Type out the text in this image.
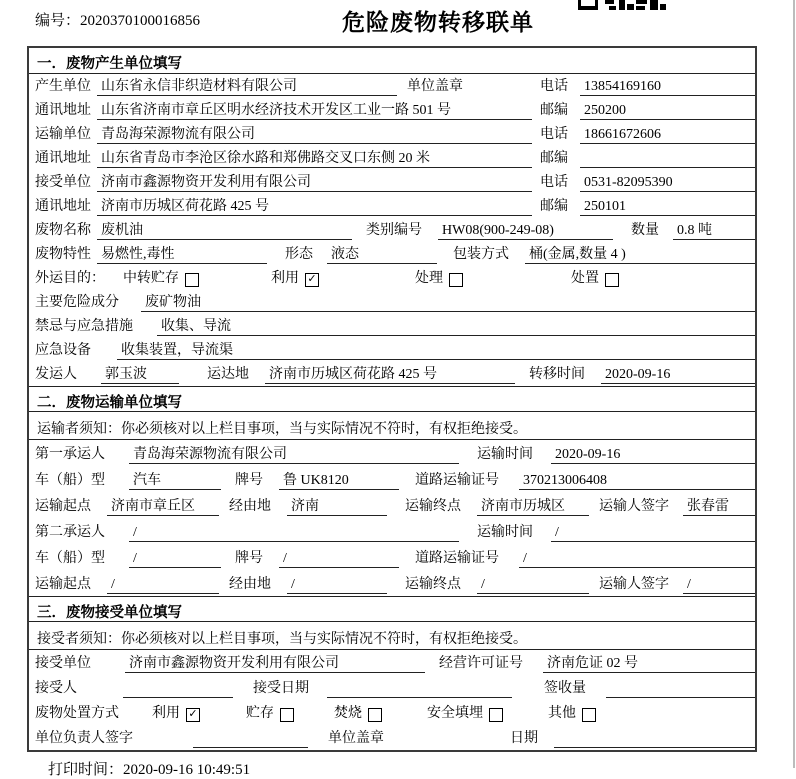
编号：2020370100016856	危险废物转移联单
一．废物产生单位填写
产生单位 山东省永信非织造材料有限公司	单位盖章	电话 13854169160
通讯地址 山东省济南市章丘区明水经济技术开发区工业一路 501 号	邮编 250200
运输单位 青岛海荣源物流有限公司	电话 18661672606
通讯地址 山东省青岛市李沧区徐水路和郑佛路交叉口东侧 20 米	邮编
接受单位 济南市鑫源物资开发利用有限公司	电话 0531-82095390
通讯地址 济南市历城区荷花路 425 号	邮编 250101
废物名称 废机油	类别编号	HW08(900-249-08)	数量 0.8 吨
废物特性 易燃性,毒性	形态 液态	包装方式	桶(金属,数量 4 )
外运目的：	中转贮存	利用 ✓	处理	处置
主要危险成分	废矿物油
禁忌与应急措施	收集、导流
应急设备	收集装置，导流渠
发运人	郭玉波	运达地	济南市历城区荷花路 425 号	转移时间	2020-09-16
二．废物运输单位填写
运输者须知：你必须核对以上栏目事项，当与实际情况不符时，有权拒绝接受。
第一承运人	青岛海荣源物流有限公司	运输时间	2020-09-16
车（船）型	汽车	牌号 鲁 UK8120	道路运输证号	370213006408
运输起点	济南市章丘区	经由地	济南	运输终点	济南市历城区	运输人签字	张春雷
第二承运人	/	运输时间	/
车（船）型	/	牌号 /	道路运输证号	/
运输起点	/	经由地	/	运输终点	/	运输人签字	/
三．废物接受单位填写
接受者须知：你必须核对以上栏目事项，当与实际情况不符时，有权拒绝接受。
接受单位	济南市鑫源物资开发利用有限公司	经营许可证号	济南危证 02 号
接受人	接受日期	签收量
废物处置方式	利用 ✓	贮存	焚烧	安全填埋	其他
单位负责人签字	单位盖章	日期
打印时间：2020-09-16 10:49:51
